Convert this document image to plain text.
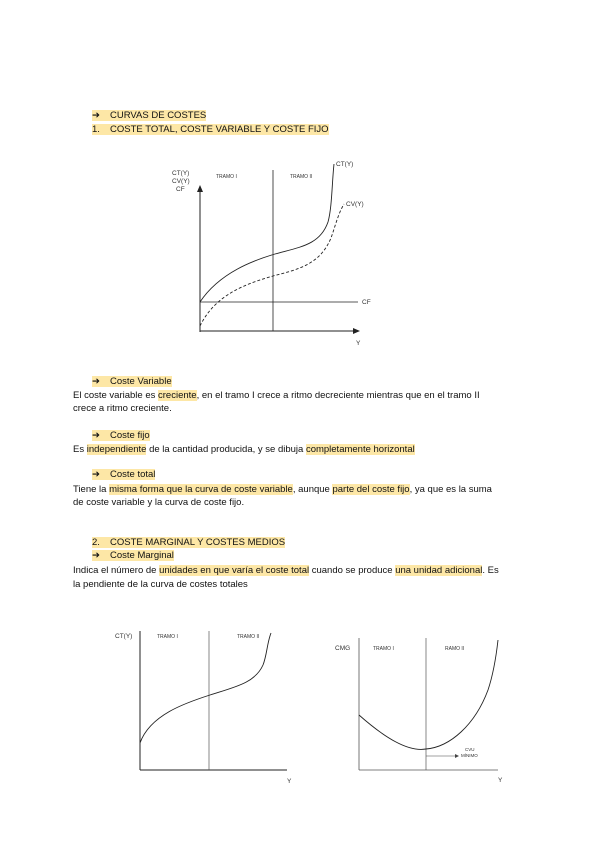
➔ CURVAS DE COSTES
1. COSTE TOTAL, COSTE VARIABLE Y COSTE FIJO
CT(Y)
CV(Y)
CF
TRAMO I	TRAMO II
Y
CF
CT(Y)
CV(Y)
➔ Coste Variable
El coste variable es creciente, en el tramo I crece a ritmo decreciente mientras que en el tramo II
crece a ritmo creciente.
➔ Coste fijo
Es independiente de la cantidad producida, y se dibuja completamente horizontal
➔ Coste total
Tiene la misma forma que la curva de coste variable, aunque parte del coste fijo, ya que es la suma
de coste variable y la curva de coste fijo.
2. COSTE MARGINAL Y COSTES MEDIOS
➔ Coste Marginal
Indica el número de unidades en que varía el coste total cuando se produce una unidad adicional. Es
la pendiente de la curva de costes totales
CT(Y)	TRAMO I	TRAMO II
Y
CMG	TRAMO I	RAMO II
CVU
MÍNIMO
Y
